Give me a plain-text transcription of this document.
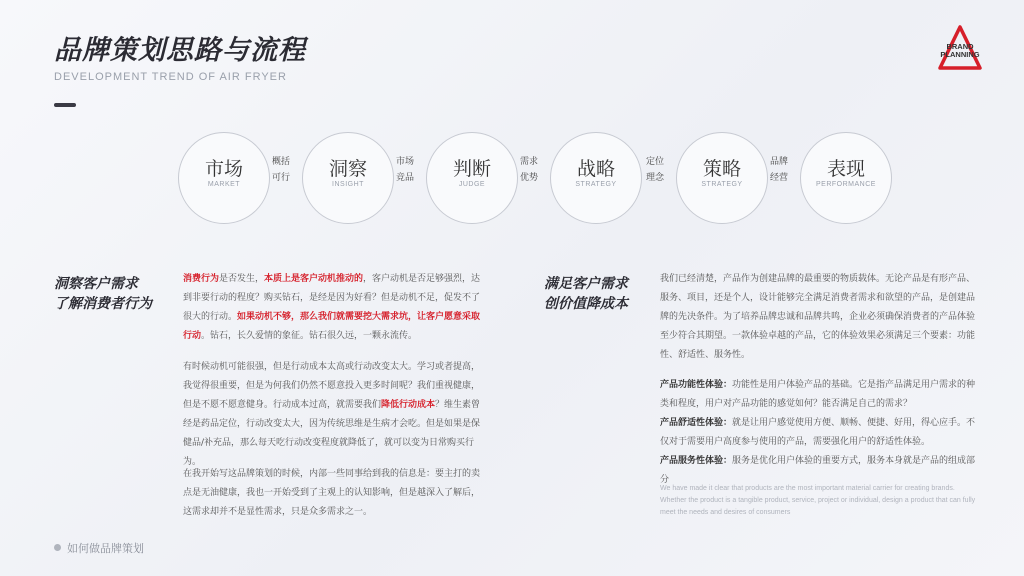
品牌策划思路与流程
DEVELOPMENT TREND OF AIR FRYER
BRAND
PLANNING
市场
MARKET
概括
可行	洞察
INSIGHT
市场
竞品	判断
JUDGE
需求
优势	战略
STRATEGY
定位
理念	策略
STRATEGY
品牌
经营	表现
PERFORMANCE
洞察客户需求
了解消费者行为

消费行为是否发生，本质上是客户动机推动的，客户动机是否足够强烈，达到非要行动的程度？购买钻石，是经是因为好看？但是动机不足，促发不了很大的行动。如果动机不够，那么我们就需要挖大需求坑，让客户愿意采取行动。钻石，长久爱情的象征。钻石很久远，一颗永流传。

有时候动机可能很强，但是行动成本太高或行动改变太大。学习或者提高，我觉得很重要，但是为何我们仍然不愿意投入更多时间呢？我们重视健康，但是不愿不愿意健身。行动成本过高，就需要我们降低行动成本？维生素曾经是药品定位，行动改变太大，因为传统思维是生病才会吃。但是如果是保健品/补充品，那么每天吃行动改变程度就降低了，就可以变为日常购买行为。

在我开始写这品牌策划的时候，内部一些同事给到我的信息是：要主打的卖点是无油健康，我也一开始受到了主观上的认知影响，但是越深入了解后，这需求却并不是显性需求，只是众多需求之一。

满足客户需求
创价值降成本

我们已经清楚，产品作为创建品牌的最重要的物质载体。无论产品是有形产品、服务、项目，还是个人，设计能够完全满足消费者需求和欲望的产品，是创建品牌的先决条件。为了培养品牌忠诚和品牌共鸣，企业必须确保消费者的产品体验至少符合其期望。一款体验卓越的产品，它的体验效果必须满足三个要素：功能性、舒适性、服务性。

产品功能性体验：功能性是用户体验产品的基础。它是指产品满足用户需求的种类和程度，用户对产品功能的感觉如何？能否满足自己的需求？

产品舒适性体验：就是让用户感觉使用方便、顺畅、便捷、好用，得心应手。不仅对于需要用户高度参与使用的产品，需要强化用户的舒适性体验。

产品服务性体验：服务是优化用户体验的重要方式，服务本身就是产品的组成部分

We have made it clear that products are the most important material carrier for creating brands. Whether the product is a tangible product, service, project or individual, design a product that can fully meet the needs and desires of consumers
如何做品牌策划
